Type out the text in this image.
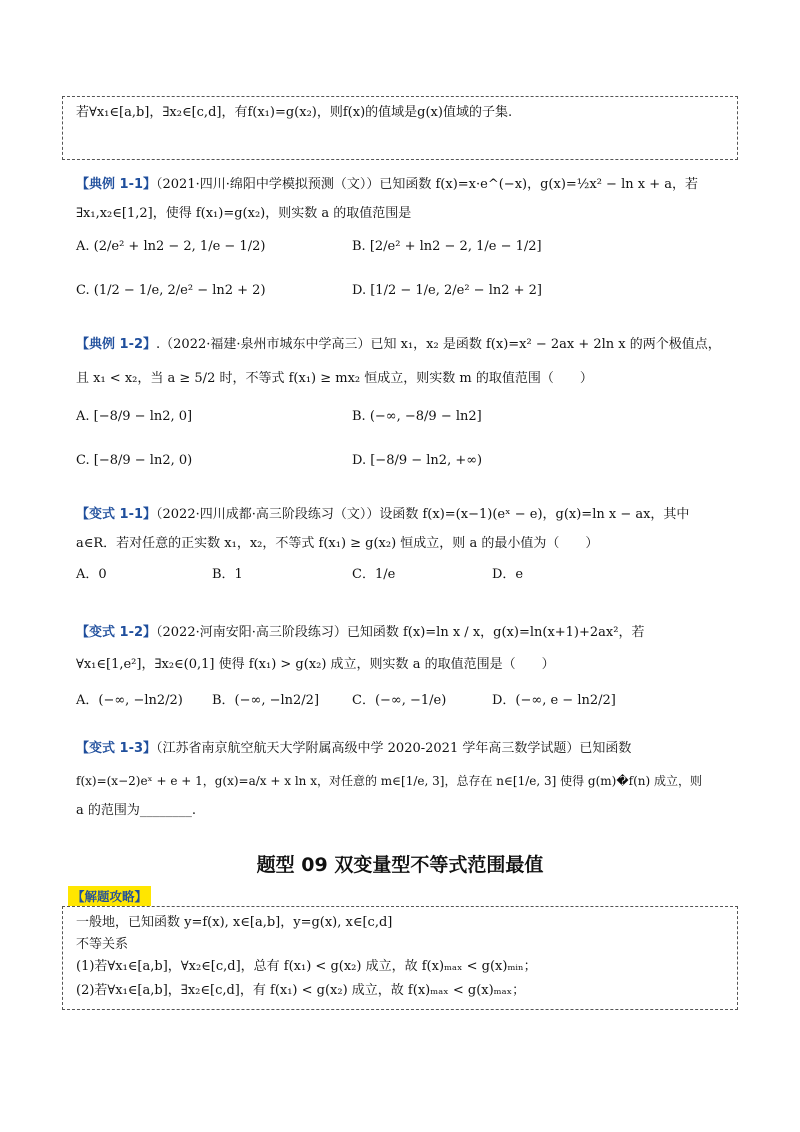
若∀x₁∈[a,b]，∃x₂∈[c,d]，有f(x₁)=g(x₂)，则f(x)的值域是g(x)值域的子集.
【典例 1-1】（2021·四川·绵阳中学模拟预测（文））已知函数 f(x)=x·e^(−x)，g(x)=½x² − ln x + a，若
∃x₁,x₂∈[1,2]，使得 f(x₁)=g(x₂)，则实数 a 的取值范围是
A. (2/e² + ln2 − 2, 1/e − 1/2)	B. [2/e² + ln2 − 2, 1/e − 1/2]
C. (1/2 − 1/e, 2/e² − ln2 + 2)	D. [1/2 − 1/e, 2/e² − ln2 + 2]
【典例 1-2】.（2022·福建·泉州市城东中学高三）已知 x₁，x₂ 是函数 f(x)=x² − 2ax + 2ln x 的两个极值点，
且 x₁ < x₂，当 a ≥ 5/2 时，不等式 f(x₁) ≥ mx₂ 恒成立，则实数 m 的取值范围（　　）
A. [−8/9 − ln2, 0]	B. (−∞, −8/9 − ln2]
C. [−8/9 − ln2, 0)	D. [−8/9 − ln2, +∞)
【变式 1-1】（2022·四川成都·高三阶段练习（文））设函数 f(x)=(x−1)(eˣ − e)，g(x)=ln x − ax，其中
a∈R．若对任意的正实数 x₁，x₂，不等式 f(x₁) ≥ g(x₂) 恒成立，则 a 的最小值为（　　）
A．0	B．1	C．1/e	D．e
【变式 1-2】（2022·河南安阳·高三阶段练习）已知函数 f(x)=ln x / x，g(x)=ln(x+1)+2ax²，若
∀x₁∈[1,e²]，∃x₂∈(0,1] 使得 f(x₁) > g(x₂) 成立，则实数 a 的取值范围是（　　）
A．(−∞, −ln2/2) B．(−∞, −ln2/2]	C．(−∞, −1/e)	D．(−∞, e − ln2/2]
【变式 1-3】（江苏省南京航空航天大学附属高级中学 2020-2021 学年高三数学试题）已知函数
f(x)=(x−2)eˣ + e + 1，g(x)=a/x + x ln x，对任意的 m∈[1/e, 3]，总存在 n∈[1/e, 3] 使得 g(m)�f(n) 成立，则
a 的范围为________.
题型 09 双变量型不等式范围最值
【解题攻略】
一般地，已知函数 y=f(x), x∈[a,b]，y=g(x), x∈[c,d]
不等关系
(1)若∀x₁∈[a,b]，∀x₂∈[c,d]，总有 f(x₁) < g(x₂) 成立，故 f(x)ₘₐₓ < g(x)ₘᵢₙ；
(2)若∀x₁∈[a,b]，∃x₂∈[c,d]，有 f(x₁) < g(x₂) 成立，故 f(x)ₘₐₓ < g(x)ₘₐₓ；
